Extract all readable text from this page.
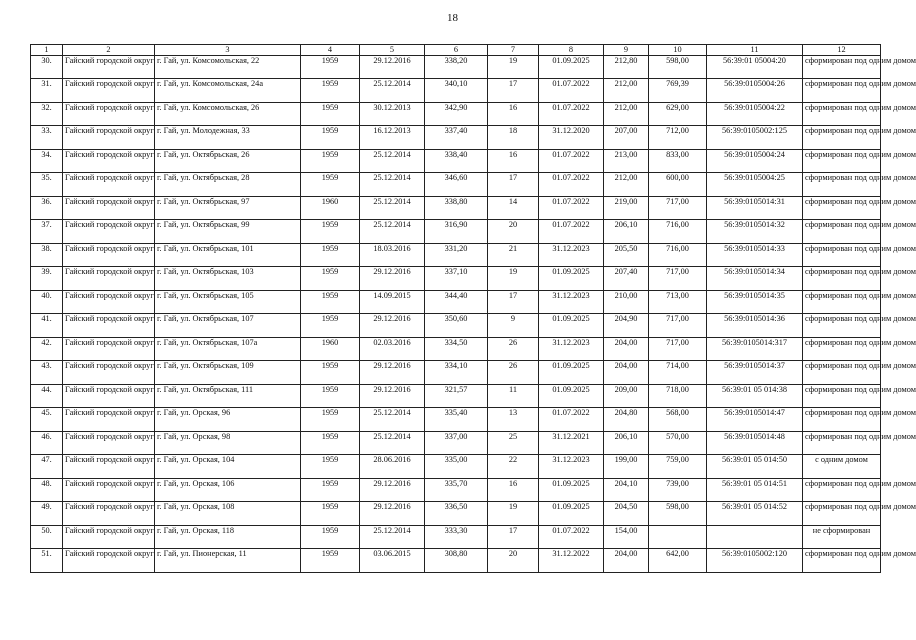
18
1	2	3	4	5	6	7	8	9	10	11	12
30.	Гайский городской округ	г. Гай, ул. Комсомольская, 22	1959	29.12.2016	338,20	19	01.09.2025	212,80	598,00	56:39:01 05004:20	сформирован под одним домом
31.	Гайский городской округ	г. Гай, ул. Комсомольская, 24а	1959	25.12.2014	340,10	17	01.07.2022	212,00	769,39	56:39:0105004:26	сформирован под одним домом
32.	Гайский городской округ	г. Гай, ул. Комсомольская, 26	1959	30.12.2013	342,90	16	01.07.2022	212,00	629,00	56:39:0105004:22	сформирован под одним домом
33.	Гайский городской округ	г. Гай, ул. Молодежная, 33	1959	16.12.2013	337,40	18	31.12.2020	207,00	712,00	56:39:0105002:125	сформирован под одним домом
34.	Гайский городской округ	г. Гай, ул. Октябрьская, 26	1959	25.12.2014	338,40	16	01.07.2022	213,00	833,00	56:39:0105004:24	сформирован под одним домом
35.	Гайский городской округ	г. Гай, ул. Октябрьская, 28	1959	25.12.2014	346,60	17	01.07.2022	212,00	600,00	56:39:0105004:25	сформирован под одним домом
36.	Гайский городской округ	г. Гай, ул. Октябрьская, 97	1960	25.12.2014	338,80	14	01.07.2022	219,00	717,00	56:39:0105014:31	сформирован под одним домом
37.	Гайский городской округ	г. Гай, ул. Октябрьская, 99	1959	25.12.2014	316,90	20	01.07.2022	206,10	716,00	56:39:0105014:32	сформирован под одним домом
38.	Гайский городской округ	г. Гай, ул. Октябрьская, 101	1959	18.03.2016	331,20	21	31.12.2023	205,50	716,00	56:39:0105014:33	сформирован под одним домом
39.	Гайский городской округ	г. Гай, ул. Октябрьская, 103	1959	29.12.2016	337,10	19	01.09.2025	207,40	717,00	56:39:0105014:34	сформирован под одним домом
40.	Гайский городской округ	г. Гай, ул. Октябрьская, 105	1959	14.09.2015	344,40	17	31.12.2023	210,00	713,00	56:39:0105014:35	сформирован под одним домом
41.	Гайский городской округ	г. Гай, ул. Октябрьская, 107	1959	29.12.2016	350,60	9	01.09.2025	204,90	717,00	56:39:0105014:36	сформирован под одним домом
42.	Гайский городской округ	г. Гай, ул. Октябрьская, 107а	1960	02.03.2016	334,50	26	31.12.2023	204,00	717,00	56:39:0105014:317	сформирован под одним домом
43.	Гайский городской округ	г. Гай, ул. Октябрьская, 109	1959	29.12.2016	334,10	26	01.09.2025	204,00	714,00	56:39:0105014:37	сформирован под одним домом
44.	Гайский городской округ	г. Гай, ул. Октябрьская, 111	1959	29.12.2016	321,57	11	01.09.2025	209,00	718,00	56:39:01 05 014:38	сформирован под одним домом
45.	Гайский городской округ	г. Гай, ул. Орская, 96	1959	25.12.2014	335,40	13	01.07.2022	204,80	568,00	56:39:0105014:47	сформирован под одним домом
46.	Гайский городской округ	г. Гай, ул. Орская, 98	1959	25.12.2014	337,00	25	31.12.2021	206,10	570,00	56:39:0105014:48	сформирован под одним домом
47.	Гайский городской округ	г. Гай, ул. Орская, 104	1959	28.06.2016	335,00	22	31.12.2023	199,00	759,00	56:39:01 05 014:50	с одним домом
48.	Гайский городской округ	г. Гай, ул. Орская, 106	1959	29.12.2016	335,70	16	01.09.2025	204,10	739,00	56:39:01 05 014:51	сформирован под одним домом
49.	Гайский городской округ	г. Гай, ул. Орская, 108	1959	29.12.2016	336,50	19	01.09.2025	204,50	598,00	56:39:01 05 014:52	сформирован под одним домом
50.	Гайский городской округ	г. Гай, ул. Орская, 118	1959	25.12.2014	333,30	17	01.07.2022	154,00			не сформирован
51.	Гайский городской округ	г. Гай, ул. Пионерская, 11	1959	03.06.2015	308,80	20	31.12.2022	204,00	642,00	56:39:0105002:120	сформирован под одним домом
